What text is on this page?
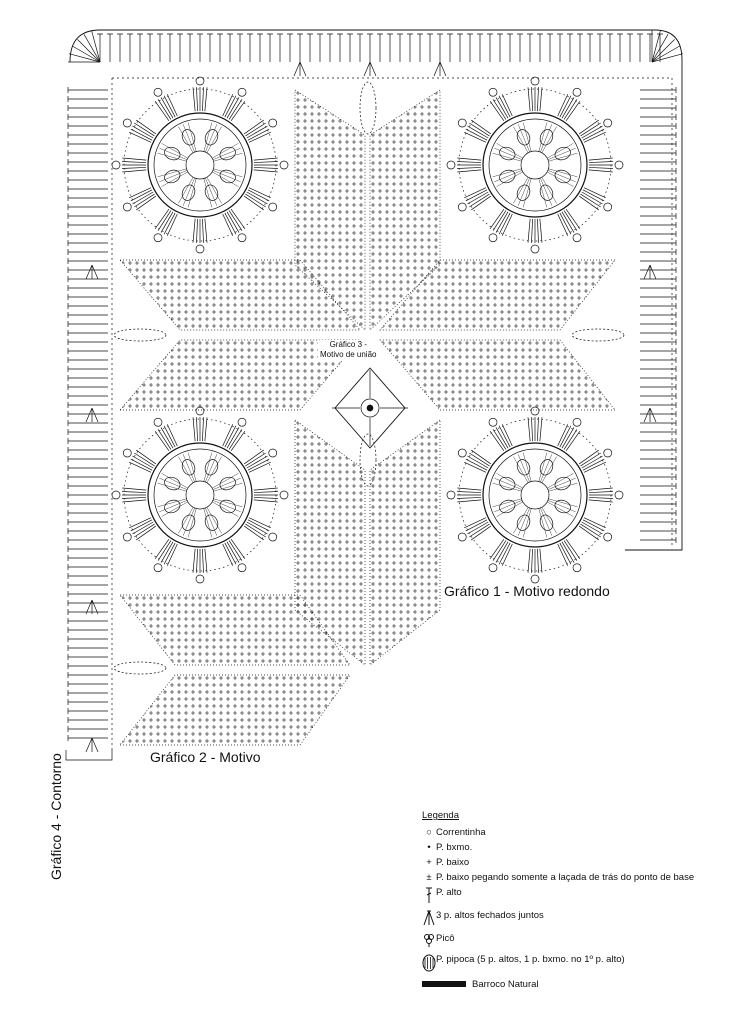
Gráfico 1 - Motivo redondo
Gráfico 2 - Motivo
Gráfico 3 -
Motivo de união
Gráfico 4 - Contorno	Legenda
○ Correntinha
• P. bxmo.
+ P. baixo
± P. baixo pegando somente a laçada de trás do ponto de base
P. alto
3 p. altos fechados juntos
Picô
P. pipoca (5 p. altos, 1 p. bxmo. no 1º p. alto)
Barroco Natural
